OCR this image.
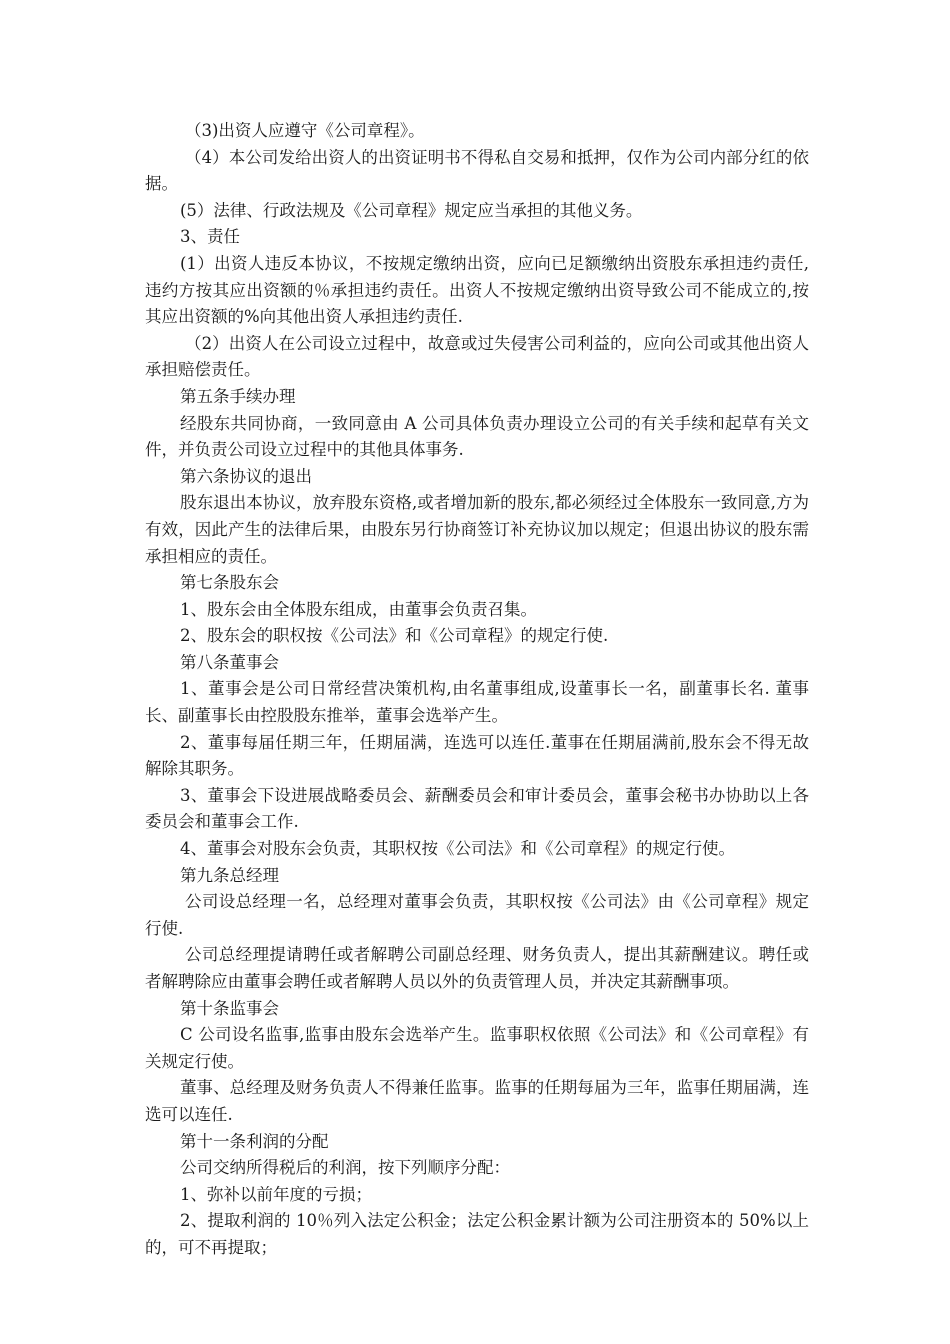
（3)出资人应遵守《公司章程》。

（4）本公司发给出资人的出资证明书不得私自交易和抵押，仅作为公司内部分红的依据。

(5）法律、行政法规及《公司章程》规定应当承担的其他义务。

3、责任

(1）出资人违反本协议，不按规定缴纳出资，应向已足额缴纳出资股东承担违约责任,违约方按其应出资额的％承担违约责任。出资人不按规定缴纳出资导致公司不能成立的,按其应出资额的%向其他出资人承担违约责任.

（2）出资人在公司设立过程中，故意或过失侵害公司利益的，应向公司或其他出资人承担赔偿责任。

第五条手续办理

经股东共同协商，一致同意由 A 公司具体负责办理设立公司的有关手续和起草有关文件，并负责公司设立过程中的其他具体事务.

第六条协议的退出

股东退出本协议，放弃股东资格,或者增加新的股东,都必须经过全体股东一致同意,方为有效，因此产生的法律后果，由股东另行协商签订补充协议加以规定；但退出协议的股东需承担相应的责任。

第七条股东会

1、股东会由全体股东组成，由董事会负责召集。

2、股东会的职权按《公司法》和《公司章程》的规定行使.

第八条董事会

1、董事会是公司日常经营决策机构,由名董事组成,设董事长一名，副董事长名. 董事长、副董事长由控股股东推举，董事会选举产生。

2、董事每届任期三年，任期届满，连选可以连任.董事在任期届满前,股东会不得无故解除其职务。

3、董事会下设进展战略委员会、薪酬委员会和审计委员会，董事会秘书办协助以上各委员会和董事会工作.

4、董事会对股东会负责，其职权按《公司法》和《公司章程》的规定行使。

第九条总经理

公司设总经理一名，总经理对董事会负责，其职权按《公司法》由《公司章程》规定行使.

公司总经理提请聘任或者解聘公司副总经理、财务负责人，提出其薪酬建议。聘任或者解聘除应由董事会聘任或者解聘人员以外的负责管理人员，并决定其薪酬事项。

第十条监事会

C 公司设名监事,监事由股东会选举产生。监事职权依照《公司法》和《公司章程》有关规定行使。

董事、总经理及财务负责人不得兼任监事。监事的任期每届为三年，监事任期届满，连选可以连任.

第十一条利润的分配

公司交纳所得税后的利润，按下列顺序分配：

1、弥补以前年度的亏损；

2、提取利润的 10％列入法定公积金；法定公积金累计额为公司注册资本的 50%以上的，可不再提取；
